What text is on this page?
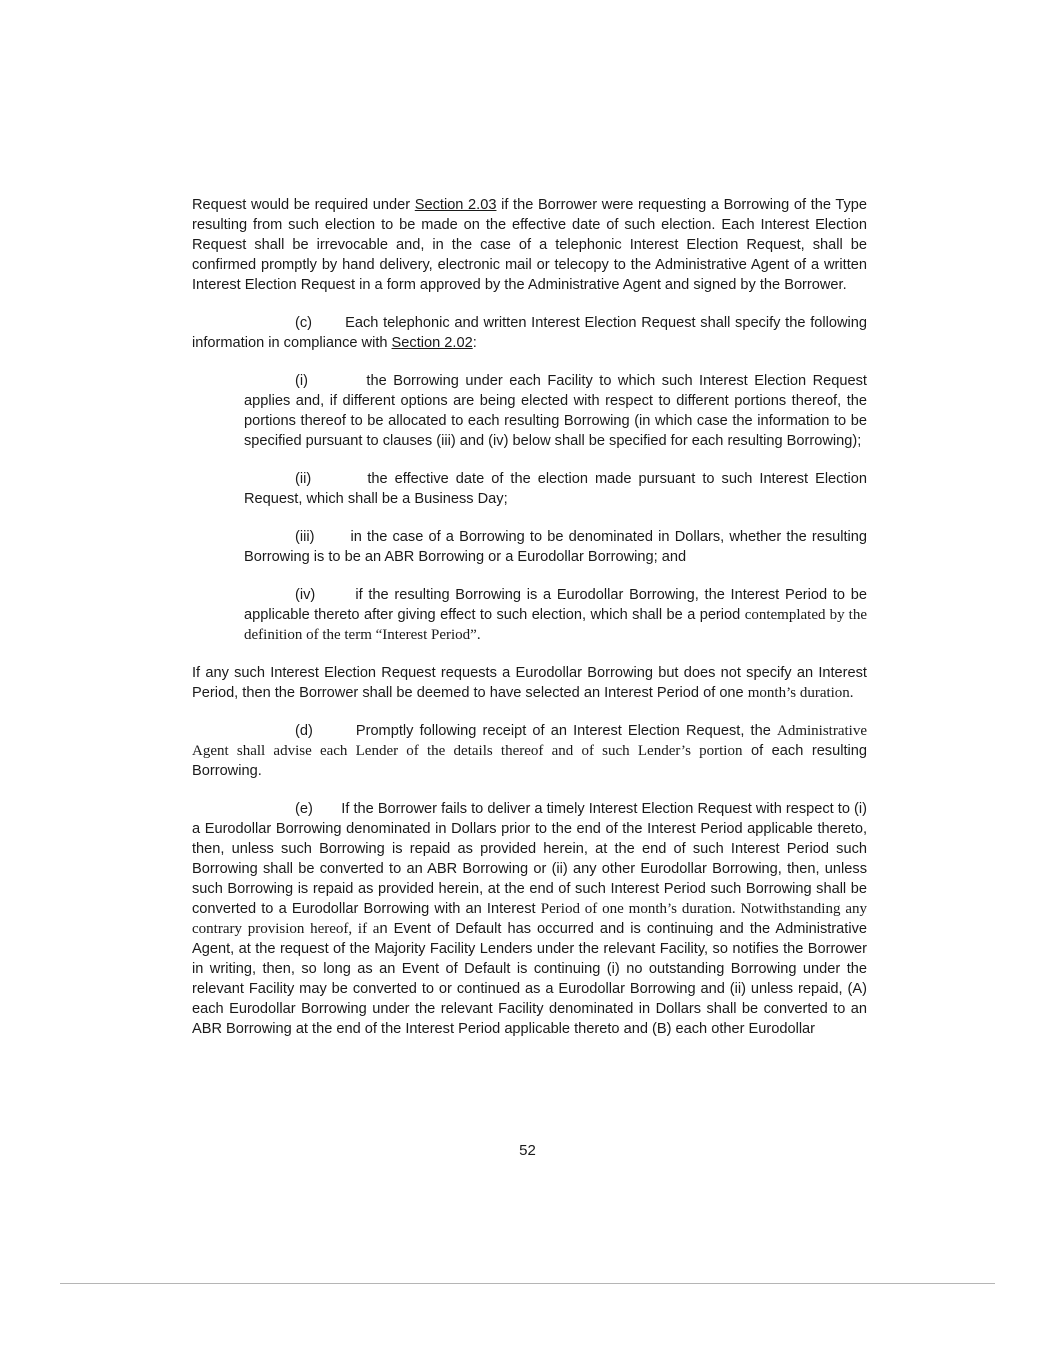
Request would be required under Section 2.03 if the Borrower were requesting a Borrowing of the Type resulting from such election to be made on the effective date of such election. Each Interest Election Request shall be irrevocable and, in the case of a telephonic Interest Election Request, shall be confirmed promptly by hand delivery, electronic mail or telecopy to the Administrative Agent of a written Interest Election Request in a form approved by the Administrative Agent and signed by the Borrower.

(c) Each telephonic and written Interest Election Request shall specify the following information in compliance with Section 2.02:

(i)	the Borrowing under each Facility to which such Interest Election Request applies and, if different options are being elected with respect to different portions thereof, the portions thereof to be allocated to each resulting Borrowing (in which case the information to be specified pursuant to clauses (iii) and (iv) below shall be specified for each resulting Borrowing);

(ii)	the effective date of the election made pursuant to such Interest Election Request, which shall be a Business Day;

(iii) in the case of a Borrowing to be denominated in Dollars, whether the resulting Borrowing is to be an ABR Borrowing or a Eurodollar Borrowing; and

(iv)	if the resulting Borrowing is a Eurodollar Borrowing, the Interest Period to be applicable thereto after giving effect to such election, which shall be a period contemplated by the definition of the term “Interest Period”.

If any such Interest Election Request requests a Eurodollar Borrowing but does not specify an Interest Period, then the Borrower shall be deemed to have selected an Interest Period of one month’s duration.

(d)	Promptly following receipt of an Interest Election Request, the Administrative Agent shall advise each Lender of the details thereof and of such Lender’s portion of each resulting Borrowing.

(e) If the Borrower fails to deliver a timely Interest Election Request with respect to (i) a Eurodollar Borrowing denominated in Dollars prior to the end of the Interest Period applicable thereto, then, unless such Borrowing is repaid as provided herein, at the end of such Interest Period such Borrowing shall be converted to an ABR Borrowing or (ii) any other Eurodollar Borrowing, then, unless such Borrowing is repaid as provided herein, at the end of such Interest Period such Borrowing shall be converted to a Eurodollar Borrowing with an Interest Period of one month’s duration. Notwithstanding any contrary provision hereof, if an Event of Default has occurred and is continuing and the Administrative Agent, at the request of the Majority Facility Lenders under the relevant Facility, so notifies the Borrower in writing, then, so long as an Event of Default is continuing (i) no outstanding Borrowing under the relevant Facility may be converted to or continued as a Eurodollar Borrowing and (ii) unless repaid, (A) each Eurodollar Borrowing under the relevant Facility denominated in Dollars shall be converted to an ABR Borrowing at the end of the Interest Period applicable thereto and (B) each other Eurodollar

52
